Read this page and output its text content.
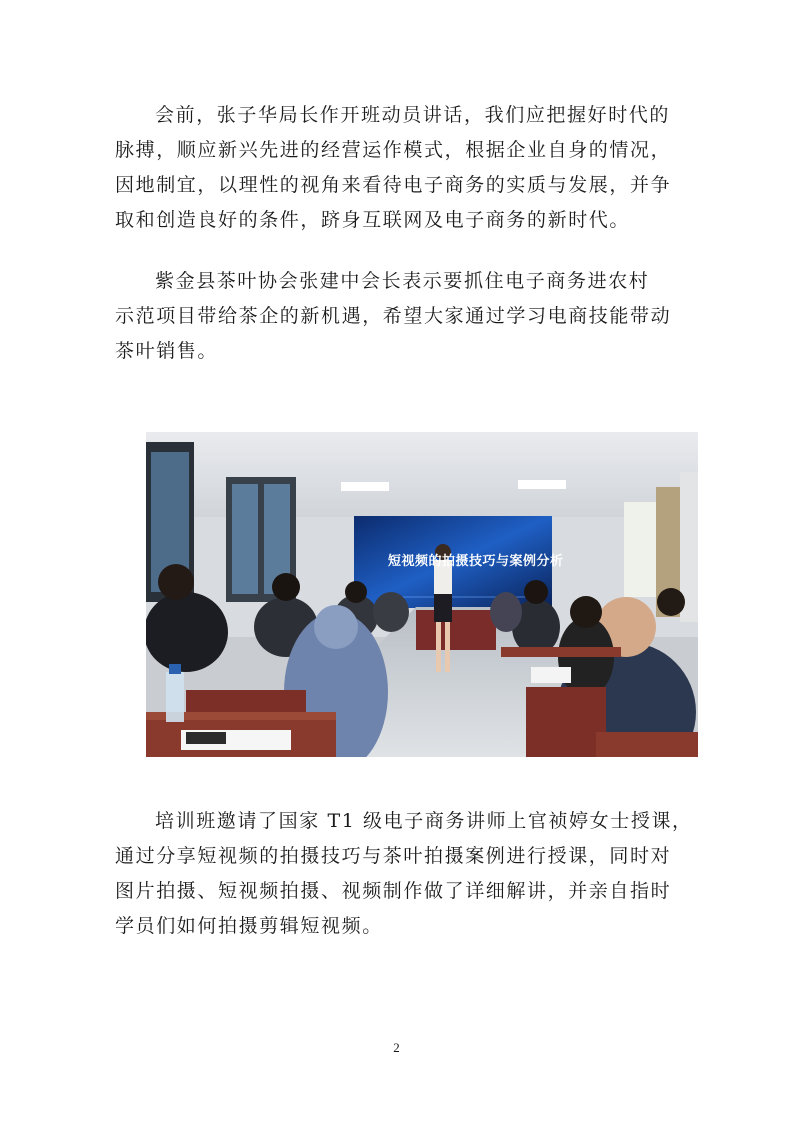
会前，张子华局长作开班动员讲话，我们应把握好时代的
脉搏，顺应新兴先进的经营运作模式，根据企业自身的情况，
因地制宜，以理性的视角来看待电子商务的实质与发展，并争
取和创造良好的条件，跻身互联网及电子商务的新时代。
紫金县茶叶协会张建中会长表示要抓住电子商务进农村
示范项目带给茶企的新机遇，希望大家通过学习电商技能带动
茶叶销售。
短视频的拍摄技巧与案例分析
培训班邀请了国家 T1 级电子商务讲师上官祯婷女士授课，
通过分享短视频的拍摄技巧与茶叶拍摄案例进行授课，同时对
图片拍摄、短视频拍摄、视频制作做了详细解讲，并亲自指时
学员们如何拍摄剪辑短视频。
2
